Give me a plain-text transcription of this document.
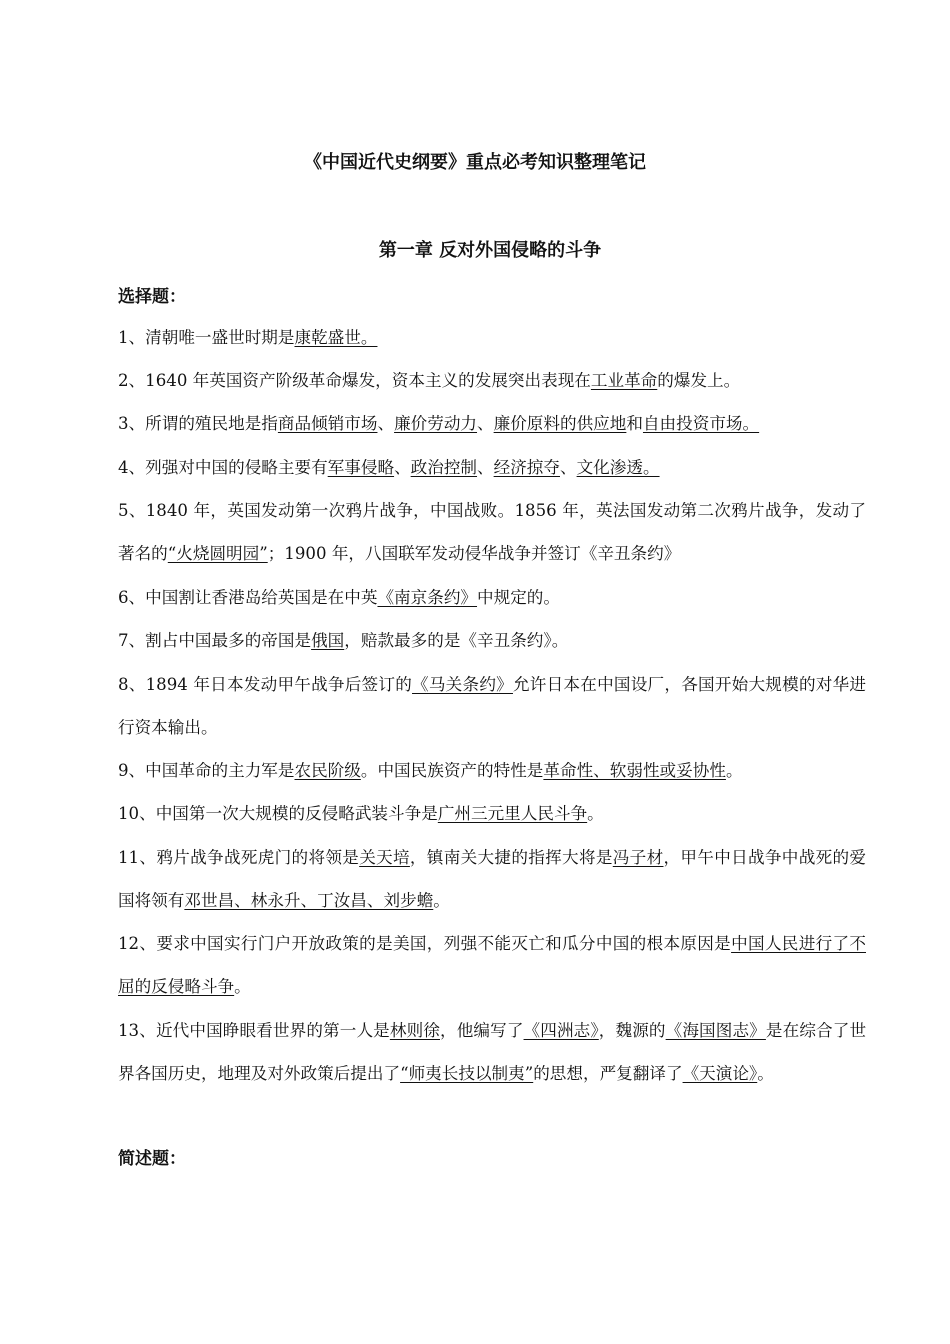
《中国近代史纲要》重点必考知识整理笔记
第一章 反对外国侵略的斗争
选择题：
1、清朝唯一盛世时期是康乾盛世。
2、1640 年英国资产阶级革命爆发，资本主义的发展突出表现在工业革命的爆发上。
3、所谓的殖民地是指商品倾销市场、廉价劳动力、廉价原料的供应地和自由投资市场。
4、列强对中国的侵略主要有军事侵略、政治控制、经济掠夺、文化渗透。
5、1840 年，英国发动第一次鸦片战争，中国战败。1856 年，英法国发动第二次鸦片战争，发动了著名的“火烧圆明园”；1900 年，八国联军发动侵华战争并签订《辛丑条约》
6、中国割让香港岛给英国是在中英《南京条约》中规定的。
7、割占中国最多的帝国是俄国，赔款最多的是《辛丑条约》。
8、1894 年日本发动甲午战争后签订的《马关条约》允许日本在中国设厂，各国开始大规模的对华进行资本输出。
9、中国革命的主力军是农民阶级。中国民族资产的特性是革命性、软弱性或妥协性。
10、中国第一次大规模的反侵略武装斗争是广州三元里人民斗争。
11、鸦片战争战死虎门的将领是关天培，镇南关大捷的指挥大将是冯子材，甲午中日战争中战死的爱国将领有邓世昌、林永升、丁汝昌、刘步蟾。
12、要求中国实行门户开放政策的是美国，列强不能灭亡和瓜分中国的根本原因是中国人民进行了不屈的反侵略斗争。
13、近代中国睁眼看世界的第一人是林则徐，他编写了《四洲志》，魏源的《海国图志》是在综合了世界各国历史，地理及对外政策后提出了“师夷长技以制夷”的思想，严复翻译了《天演论》。
简述题：
